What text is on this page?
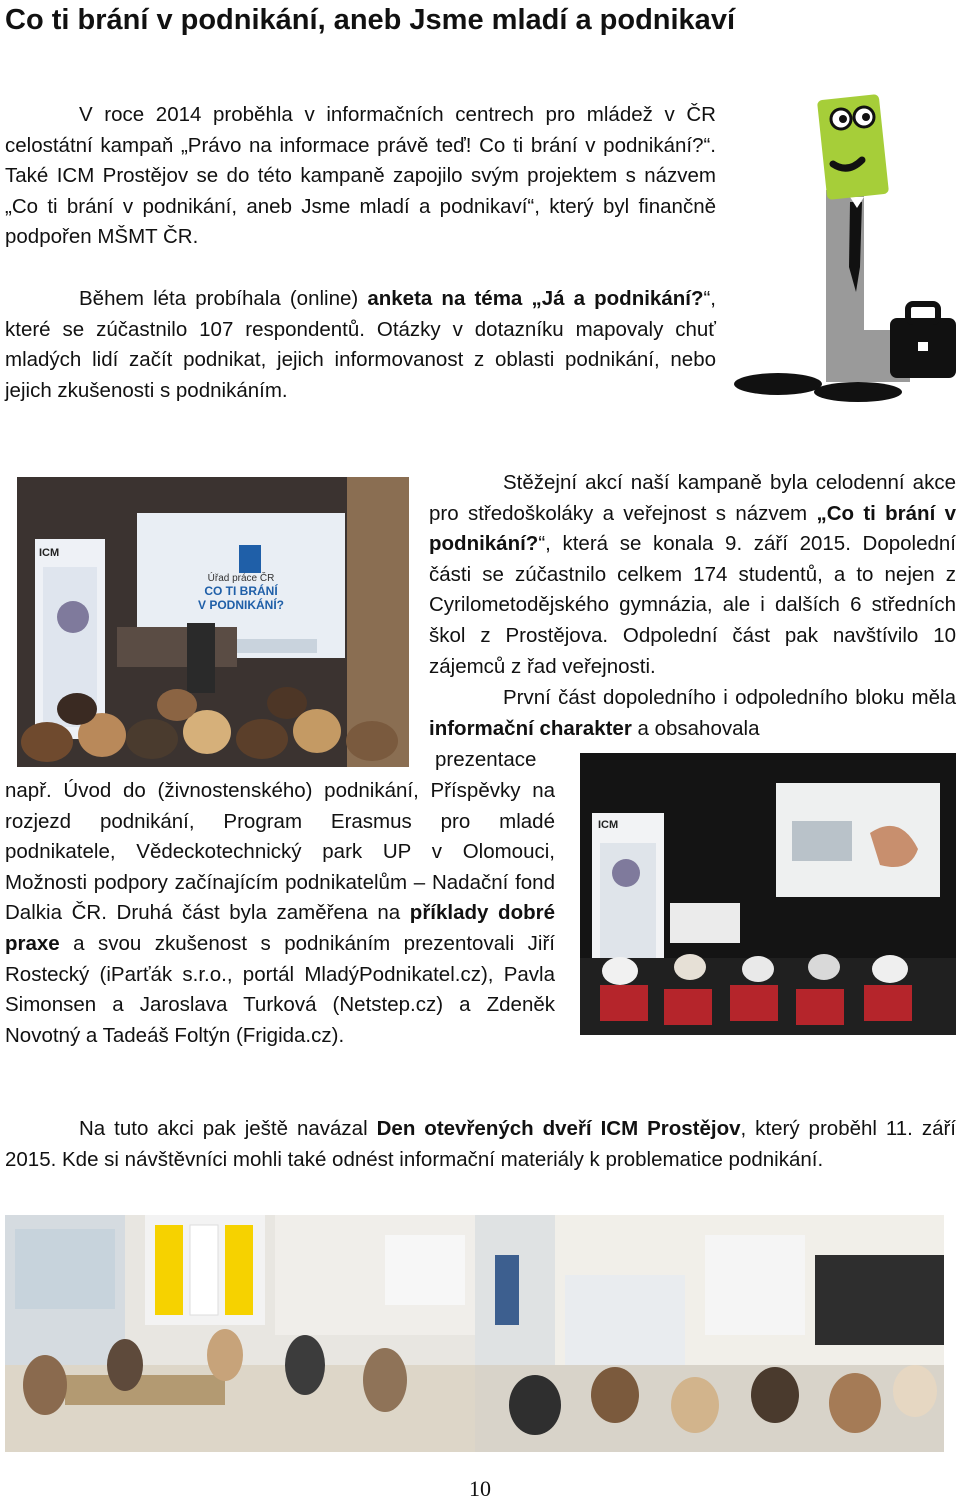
Co ti brání v podnikání, aneb Jsme mladí a podnikaví

V roce 2014 proběhla v informačních centrech pro mládež v ČR celostátní kampaň „Právo na informace právě teď! Co ti brání v podnikání?“. Také ICM Prostějov se do této kampaně zapojilo svým projektem s názvem „Co ti brání v podnikání, aneb Jsme mladí a podnikaví“, který byl finančně podpořen MŠMT ČR.

Během léta probíhala (online) anketa na téma „Já a podnikání?“, které se zúčastnilo 107 respondentů. Otázky v dotazníku mapovaly chuť mladých lidí začít podnikat, jejich informovanost z oblasti podnikání, nebo jejich zkušenosti s podnikáním.

ICM
Úřad práce ČR
CO TI BRÁNÍ
V PODNIKÁNÍ?

Stěžejní akcí naší kampaně byla celodenní akce pro středoškoláky a veřejnost s názvem „Co ti brání v podnikání?“, která se konala 9. září 2015. Dopolední části se zúčastnilo celkem 174 studentů, a to nejen z Cyrilometodějského gymnázia, ale i dalších 6 středních škol z Prostějova. Odpolední část pak navštívilo 10 zájemců z řad veřejnosti.

První část dopoledního i odpoledního bloku měla informační charakter a obsahovala

prezentace

ICM

např. Úvod do (živnostenského) podnikání, Příspěvky na rozjezd podnikání, Program Erasmus pro mladé podnikatele, Vědeckotechnický park UP v Olomouci, Možnosti podpory začínajícím podnikatelům – Nadační fond Dalkia ČR. Druhá část byla zaměřena na příklady dobré praxe a svou zkušenost s podnikáním prezentovali Jiří Rostecký (iParťák s.r.o., portál MladýPodnikatel.cz), Pavla Simonsen a Jaroslava Turková (Netstep.cz) a Zdeněk Novotný a Tadeáš Foltýn (Frigida.cz).

Na tuto akci pak ještě navázal Den otevřených dveří ICM Prostějov, který proběhl 11. září 2015. Kde si návštěvníci mohli také odnést informační materiály k problematice podnikání.

10
